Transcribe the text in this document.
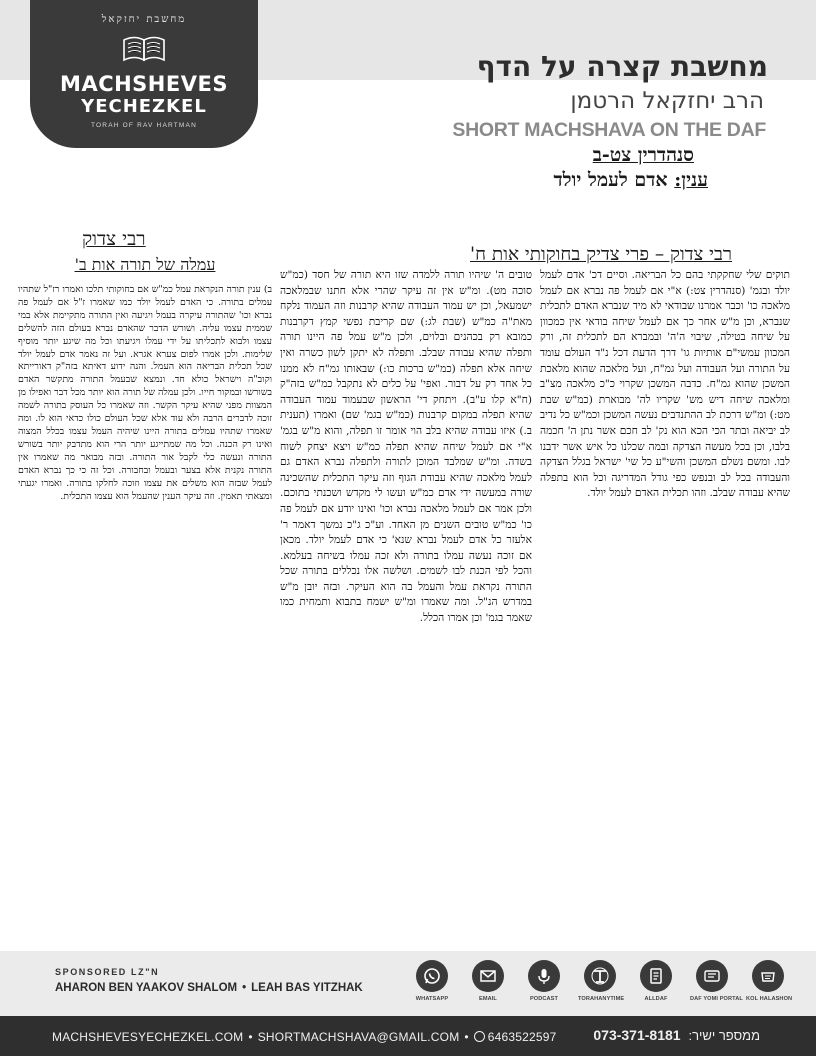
מחשבת יחזקאל
MACHSHEVES
YECHEZKEL
TORAH OF RAV HARTMAN
מחשבת קצרה על הדף
הרב יחזקאל הרטמן
SHORT MACHSHAVA ON THE DAF
סנהדרין צט-ב
ענין: אדם לעמל יולד
רבי צדוק
עמלה של תורה אות ב'	רבי צדוק – פרי צדיק בחוקותי אות ח'
תוקים שלי שחקקתי בהם כל הבריאה. וסיים דכ' אדם לעמל יולד ובגמ' (סנהדרין צט:) א"י אם לעמל פה נברא אם לעמל מלאכה כו' וכבר אמרנו שבודאי לא מיד שנברא האדם לתכלית שנברא, וכן מ"ש אחר כך אם לעמל שיחה בודאי אין כמכוון על שיחה בטילה, שיבוי ה'ה' ובמברא הם לתכלית זה, ורק המכוון עמשי"ם אותיות גו' דרך הדעת דכל נ"ד העולם עומד על התורה ועל העבודה ועל גמ"ח, ועל מלאכה שהוא מלאכת המשכן שהוא גמ"ח. כדבה המשכן שקרוי כ"כ מלאכה מצ"ב ומלאכה שיחה דיש מש' שקריו לה' מבוארת (כמ"ש שבת מט:) ומ"ש דרכת לב ההתנדבים נעשה המשכן וכמ"ש כל נדיב לב יביאה ובתר הכי הכא הוא נק' לב חכם אשר נתן ה' חכמה בלבו, וכן בכל מעשה הצדקה ובמה שכלנו כל איש אשר ידבנו לבו. ומשם נשלם המשכן והשי"ע כל שי' ישראל בגלל הצדקה והעבודה בכל לב ובנפש כפי גודל המדריגה וכל הוא בתפלה שהיא עבודה שבלב. וזהו תכלית האדם לעמל יולד.
טובים ה' שיהיו תורה ללמדה שזו היא תורה של חסד (כמ"ש סוכה מט). ומ"ש אין זה עיקר שהרי אלא חתנו שבמלאכה ישמעאל, וכן יש עמוד העבודה שהיא קרבנות וזה העמוד נלקח מאת"ה כמ"ש (שבת לג:) שם קריבת נפשי קמץ דקרבנות כמובא רק בכהנים ובלוים, ולכן מ"ש עמל פה היינו תורה ותפלה שהיא עבודה שבלב. ותפלה לא יתקן לשון כשרה ואין שיחה אלא תפלה (כמ"ש ברכות כו:) שבאותו גמ"ח לא ממנו כל אחד רק על דבור. ואפי' על כלים לא נתקבל כמ"ש בזה"ק (ח"א קלו ע"ב). ויתחק די' הראשון שבעמוד עמוד העבודה שהיא תפלה במקום קרבנות (כמ"ש בגמ' שם) ואמרו (תענית ב.) איזו עבודה שהיא בלב הוי אומר זו תפלה, והוא מ"ש בגמ' א"י אם לעמל שיחה שהיא תפלה כמ"ש ויצא יצחק לשוח בשדה. ומ"ש שמלבד המוכן לתורה ולתפלה נברא האדם גם לעמל מלאכה שהיא עבודת הגוף וזה עיקר התכלית שהשכינה שורה במעשה ידי אדם כמ"ש ועשו לי מקדש ושכנתי בתוכם. ולכן אמר אם לעמל מלאכה נברא וכו' ואינו יודע אם לעמל פה כו' כמ"ש טובים השנים מן האחד. וע"כ ג"כ נמשך דאמר ר' אלעזר כל אדם לעמל נברא שנא' כי אדם לעמל יולד. מכאן אם זוכה נעשה עמלו בתורה ולא זכה עמלו בשיחה בעלמא. והכל לפי הכנת לבו לשמים. ושלשה אלו נכללים בתורה שכל התורה נקראת עמל והעמל בה הוא העיקר. ובזה יובן מ"ש במדרש הנ"ל. ומה שאמרו ומ"ש ישמח בתבוא ותמחית כמו שאמר בגמ' וכן אמרו הכלל.
ב) ענין תורה הנקראת עמל כמ"ש אם בחוקותי תלכו ואמרו רז"ל שתהיו עמלים בתורה. כי האדם לעמל יולד כמו שאמרו ז"ל אם לעמל פה נברא וכו' שהתורה עיקרה בעמל ויגיעה ואין התורה מתקיימת אלא במי שממית עצמו עליה. ושורש הדבר שהאדם נברא בעולם הזה להשלים עצמו ולבוא לתכליתו על ידי עמלו ויגיעתו וכל מה שיגע יותר מוסיף שלימות. ולכן אמרו לפום צערא אגרא. ועל זה נאמר אדם לעמל יולד שכל תכלית הבריאה הוא העמל. והנה ידוע דאיתא בזה"ק דאורייתא וקוב"ה וישראל כולא חד. ונמצא שבעמל התורה מתקשר האדם בשורשו ובמקור חייו. ולכן עמלה של תורה הוא יותר מכל דבר ואפילו מן המצוות מפני שהיא עיקר הקשר. וזה שאמרו כל העוסק בתורה לשמה זוכה לדברים הרבה ולא עוד אלא שכל העולם כולו כדאי הוא לו. ומה שאמרו שתהיו עמלים בתורה היינו שיהיה העמל עצמו בכלל המצוה ואינו רק הכנה. וכל מה שמתייגע יותר הרי הוא מתדבק יותר בשורש התורה ונעשה כלי לקבל אור התורה. ובזה מבואר מה שאמרו אין התורה נקנית אלא בצער ובעמל ובחבורה. וכל זה כי כך נברא האדם לעמל שבזה הוא משלים את עצמו וזוכה לחלקו בתורה. ואמרו יגעתי ומצאתי תאמין. וזה עיקר הענין שהעמל הוא עצמו התכלית.
SPONSORED LZ"N
AHARON BEN YAAKOV SHALOM • LEAH BAS YITZHAK
WHATSAPP	EMAIL	PODCAST	TORAHANYTIME	ALLDAF	DAF YOMI PORTAL KOL HALASHON
MACHSHEVESYECHEZKEL.COM • SHORTMACHSHAVA@GMAIL.COM • 6463522597	ממספר ישיר: 073-371-8181
